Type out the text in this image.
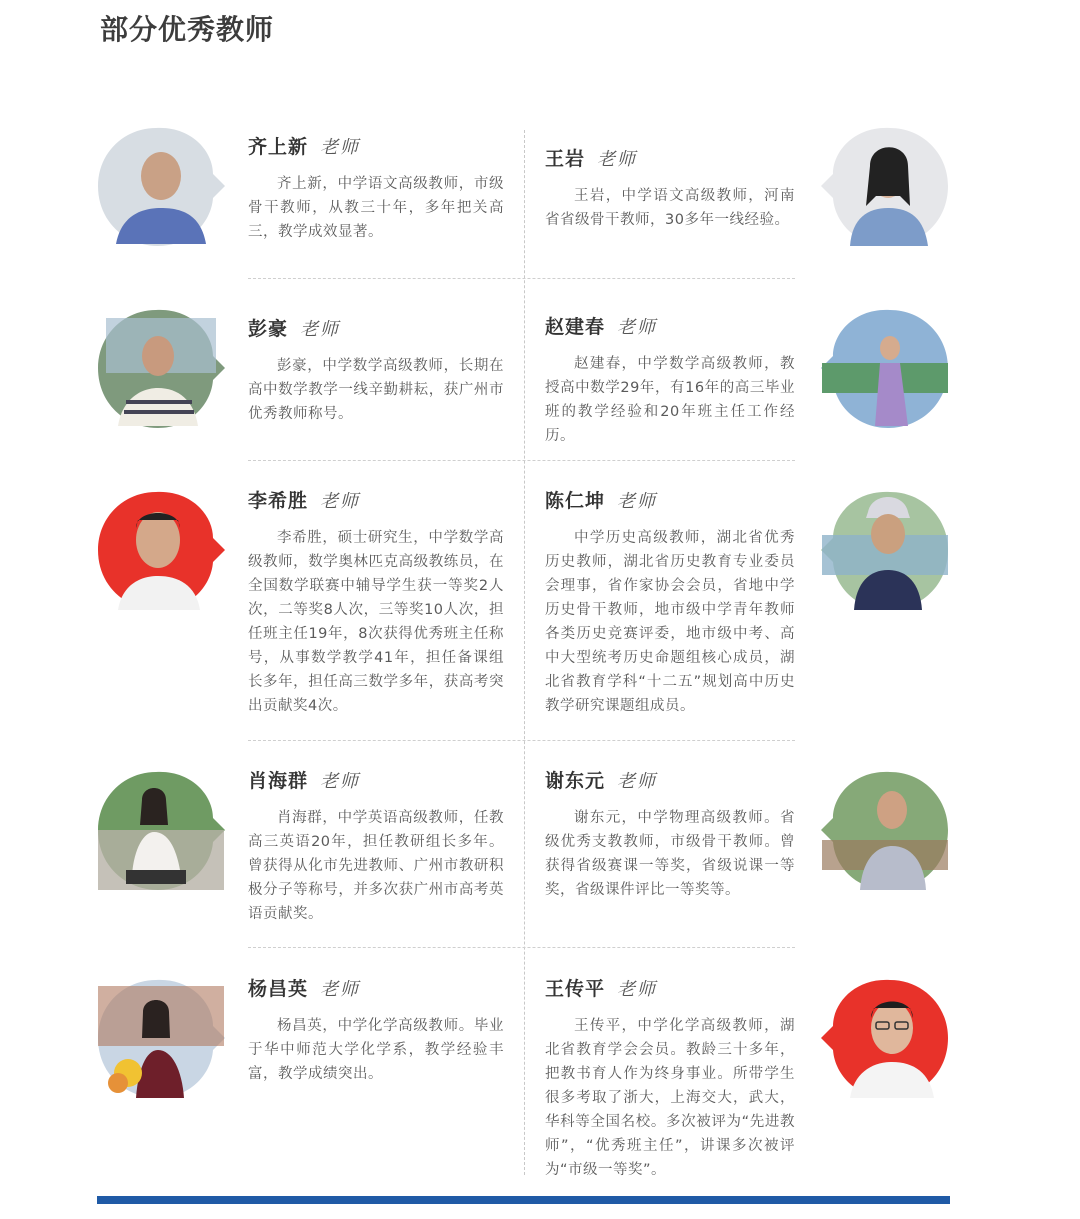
部分优秀教师
齐上新 老师
齐上新，中学语文高级教师，市级骨干教师，从教三十年，多年把关高三，教学成效显著。
王岩 老师
王岩，中学语文高级教师，河南省省级骨干教师，30多年一线经验。
彭豪 老师
彭豪，中学数学高级教师，长期在高中数学教学一线辛勤耕耘，获广州市优秀教师称号。
赵建春 老师
赵建春，中学数学高级教师，教授高中数学29年，有16年的高三毕业班的教学经验和20年班主任工作经历。
李希胜 老师
李希胜，硕士研究生，中学数学高级教师，数学奥林匹克高级教练员，在全国数学联赛中辅导学生获一等奖2人次，二等奖8人次，三等奖10人次，担任班主任19年，8次获得优秀班主任称号，从事数学教学41年，担任备课组长多年，担任高三数学多年，获高考突出贡献奖4次。
陈仁坤 老师
中学历史高级教师，湖北省优秀历史教师，湖北省历史教育专业委员会理事，省作家协会会员，省地中学历史骨干教师，地市级中学青年教师各类历史竞赛评委，地市级中考、高中大型统考历史命题组核心成员，湖北省教育学科“十二五”规划高中历史教学研究课题组成员。
肖海群 老师
肖海群，中学英语高级教师，任教高三英语20年，担任教研组长多年。曾获得从化市先进教师、广州市教研积极分子等称号，并多次获广州市高考英语贡献奖。
谢东元 老师
谢东元，中学物理高级教师。省级优秀支教教师，市级骨干教师。曾获得省级赛课一等奖，省级说课一等奖，省级课件评比一等奖等。
杨昌英 老师
杨昌英，中学化学高级教师。毕业于华中师范大学化学系，教学经验丰富，教学成绩突出。
王传平 老师
王传平，中学化学高级教师，湖北省教育学会会员。教龄三十多年，把教书育人作为终身事业。所带学生很多考取了浙大，上海交大，武大，华科等全国名校。多次被评为“先进教师”，“优秀班主任”，讲课多次被评为“市级一等奖”。
